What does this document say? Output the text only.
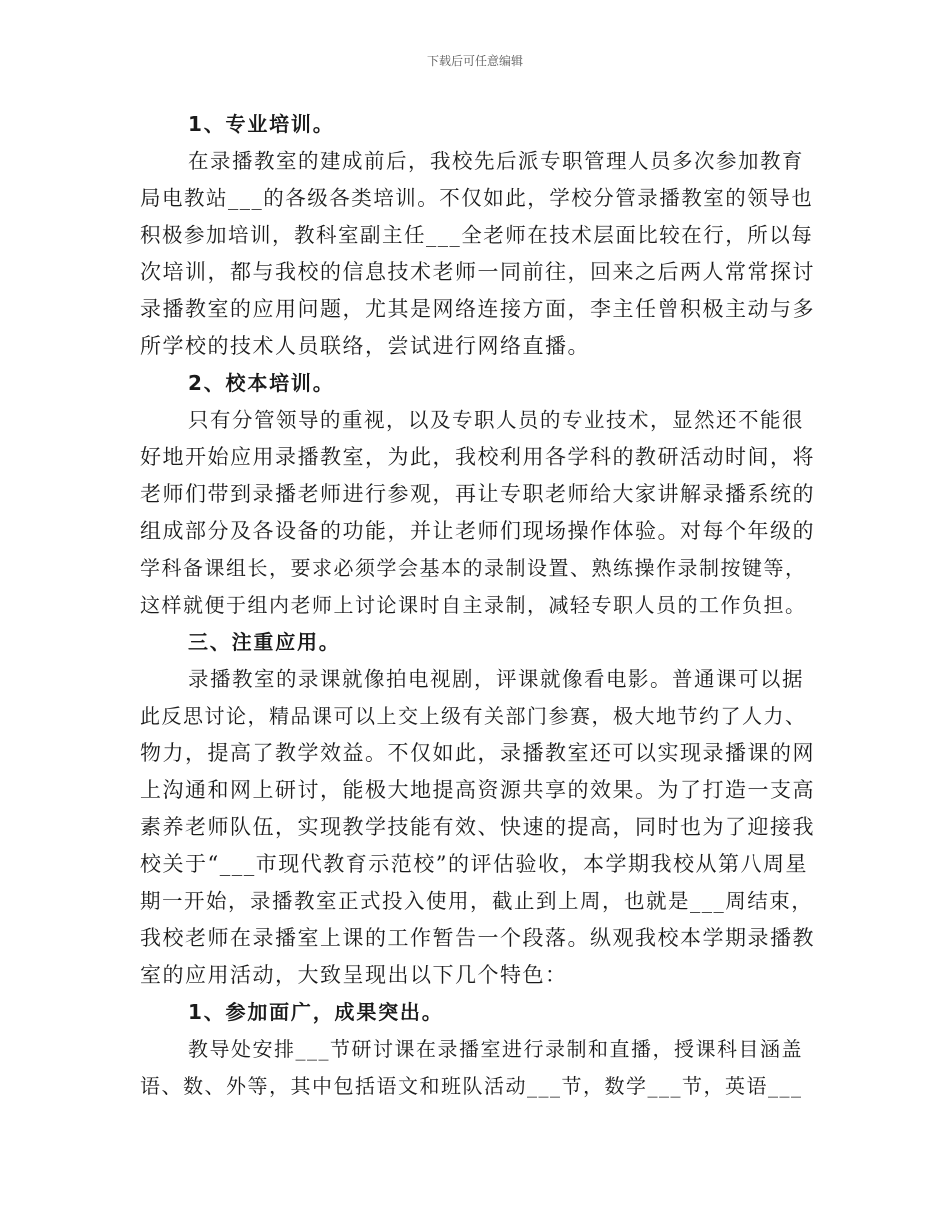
下载后可任意编辑
1、专业培训。
在录播教室的建成前后，我校先后派专职管理人员多次参加教育
局电教站___的各级各类培训。不仅如此，学校分管录播教室的领导也
积极参加培训，教科室副主任___全老师在技术层面比较在行，所以每
次培训，都与我校的信息技术老师一同前往，回来之后两人常常探讨
录播教室的应用问题，尤其是网络连接方面，李主任曾积极主动与多
所学校的技术人员联络，尝试进行网络直播。
2、校本培训。
只有分管领导的重视，以及专职人员的专业技术，显然还不能很
好地开始应用录播教室，为此，我校利用各学科的教研活动时间，将
老师们带到录播老师进行参观，再让专职老师给大家讲解录播系统的
组成部分及各设备的功能，并让老师们现场操作体验。对每个年级的
学科备课组长，要求必须学会基本的录制设置、熟练操作录制按键等，
这样就便于组内老师上讨论课时自主录制，减轻专职人员的工作负担。
三、注重应用。
录播教室的录课就像拍电视剧，评课就像看电影。普通课可以据
此反思讨论，精品课可以上交上级有关部门参赛，极大地节约了人力、
物力，提高了教学效益。不仅如此，录播教室还可以实现录播课的网
上沟通和网上研讨，能极大地提高资源共享的效果。为了打造一支高
素养老师队伍，实现教学技能有效、快速的提高，同时也为了迎接我
校关于“___市现代教育示范校”的评估验收，本学期我校从第八周星
期一开始，录播教室正式投入使用，截止到上周，也就是___周结束，
我校老师在录播室上课的工作暂告一个段落。纵观我校本学期录播教
室的应用活动，大致呈现出以下几个特色：
1、参加面广，成果突出。
教导处安排___节研讨课在录播室进行录制和直播，授课科目涵盖
语、数、外等，其中包括语文和班队活动___节，数学___节，英语___
